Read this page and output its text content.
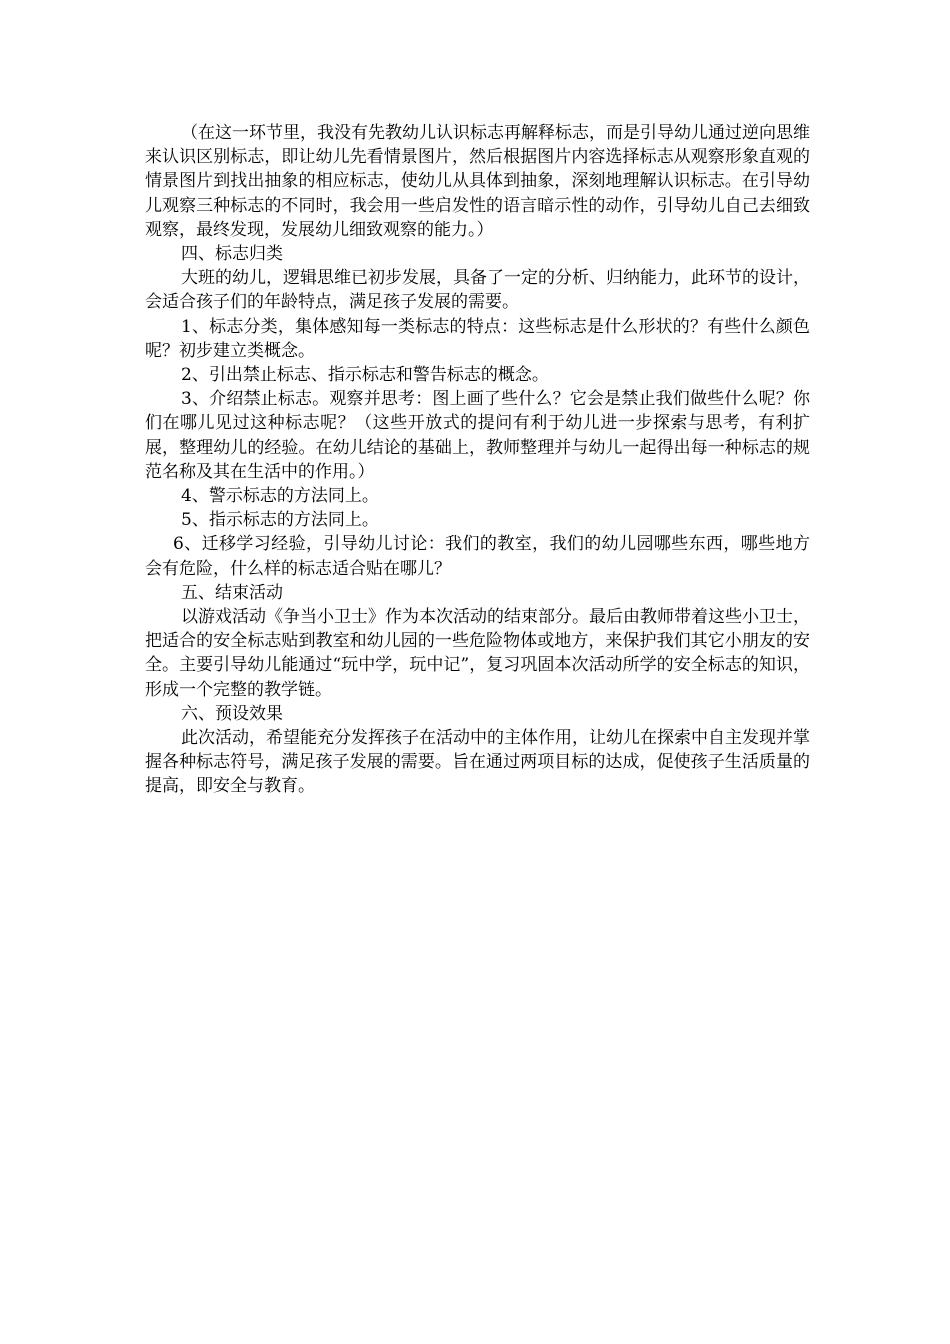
（在这一环节里，我没有先教幼儿认识标志再解释标志，而是引导幼儿通过逆向思维来认识区别标志，即让幼儿先看情景图片，然后根据图片内容选择标志从观察形象直观的情景图片到找出抽象的相应标志，使幼儿从具体到抽象，深刻地理解认识标志。在引导幼儿观察三种标志的不同时，我会用一些启发性的语言暗示性的动作，引导幼儿自己去细致观察，最终发现，发展幼儿细致观察的能力。）

四、标志归类

大班的幼儿，逻辑思维已初步发展，具备了一定的分析、归纳能力，此环节的设计，会适合孩子们的年龄特点，满足孩子发展的需要。

1、标志分类，集体感知每一类标志的特点：这些标志是什么形状的？有些什么颜色呢？初步建立类概念。

2、引出禁止标志、指示标志和警告标志的概念。

3、介绍禁止标志。观察并思考：图上画了些什么？它会是禁止我们做些什么呢？你们在哪儿见过这种标志呢？（这些开放式的提问有利于幼儿进一步探索与思考，有利扩展，整理幼儿的经验。在幼儿结论的基础上，教师整理并与幼儿一起得出每一种标志的规范名称及其在生活中的作用。）

4、警示标志的方法同上。

5、指示标志的方法同上。

6、迁移学习经验，引导幼儿讨论：我们的教室，我们的幼儿园哪些东西，哪些地方会有危险，什么样的标志适合贴在哪儿？

五、结束活动

以游戏活动《争当小卫士》作为本次活动的结束部分。最后由教师带着这些小卫士，把适合的安全标志贴到教室和幼儿园的一些危险物体或地方，来保护我们其它小朋友的安全。主要引导幼儿能通过“玩中学，玩中记”，复习巩固本次活动所学的安全标志的知识，形成一个完整的教学链。

六、预设效果

此次活动，希望能充分发挥孩子在活动中的主体作用，让幼儿在探索中自主发现并掌握各种标志符号，满足孩子发展的需要。旨在通过两项目标的达成，促使孩子生活质量的提高，即安全与教育。
